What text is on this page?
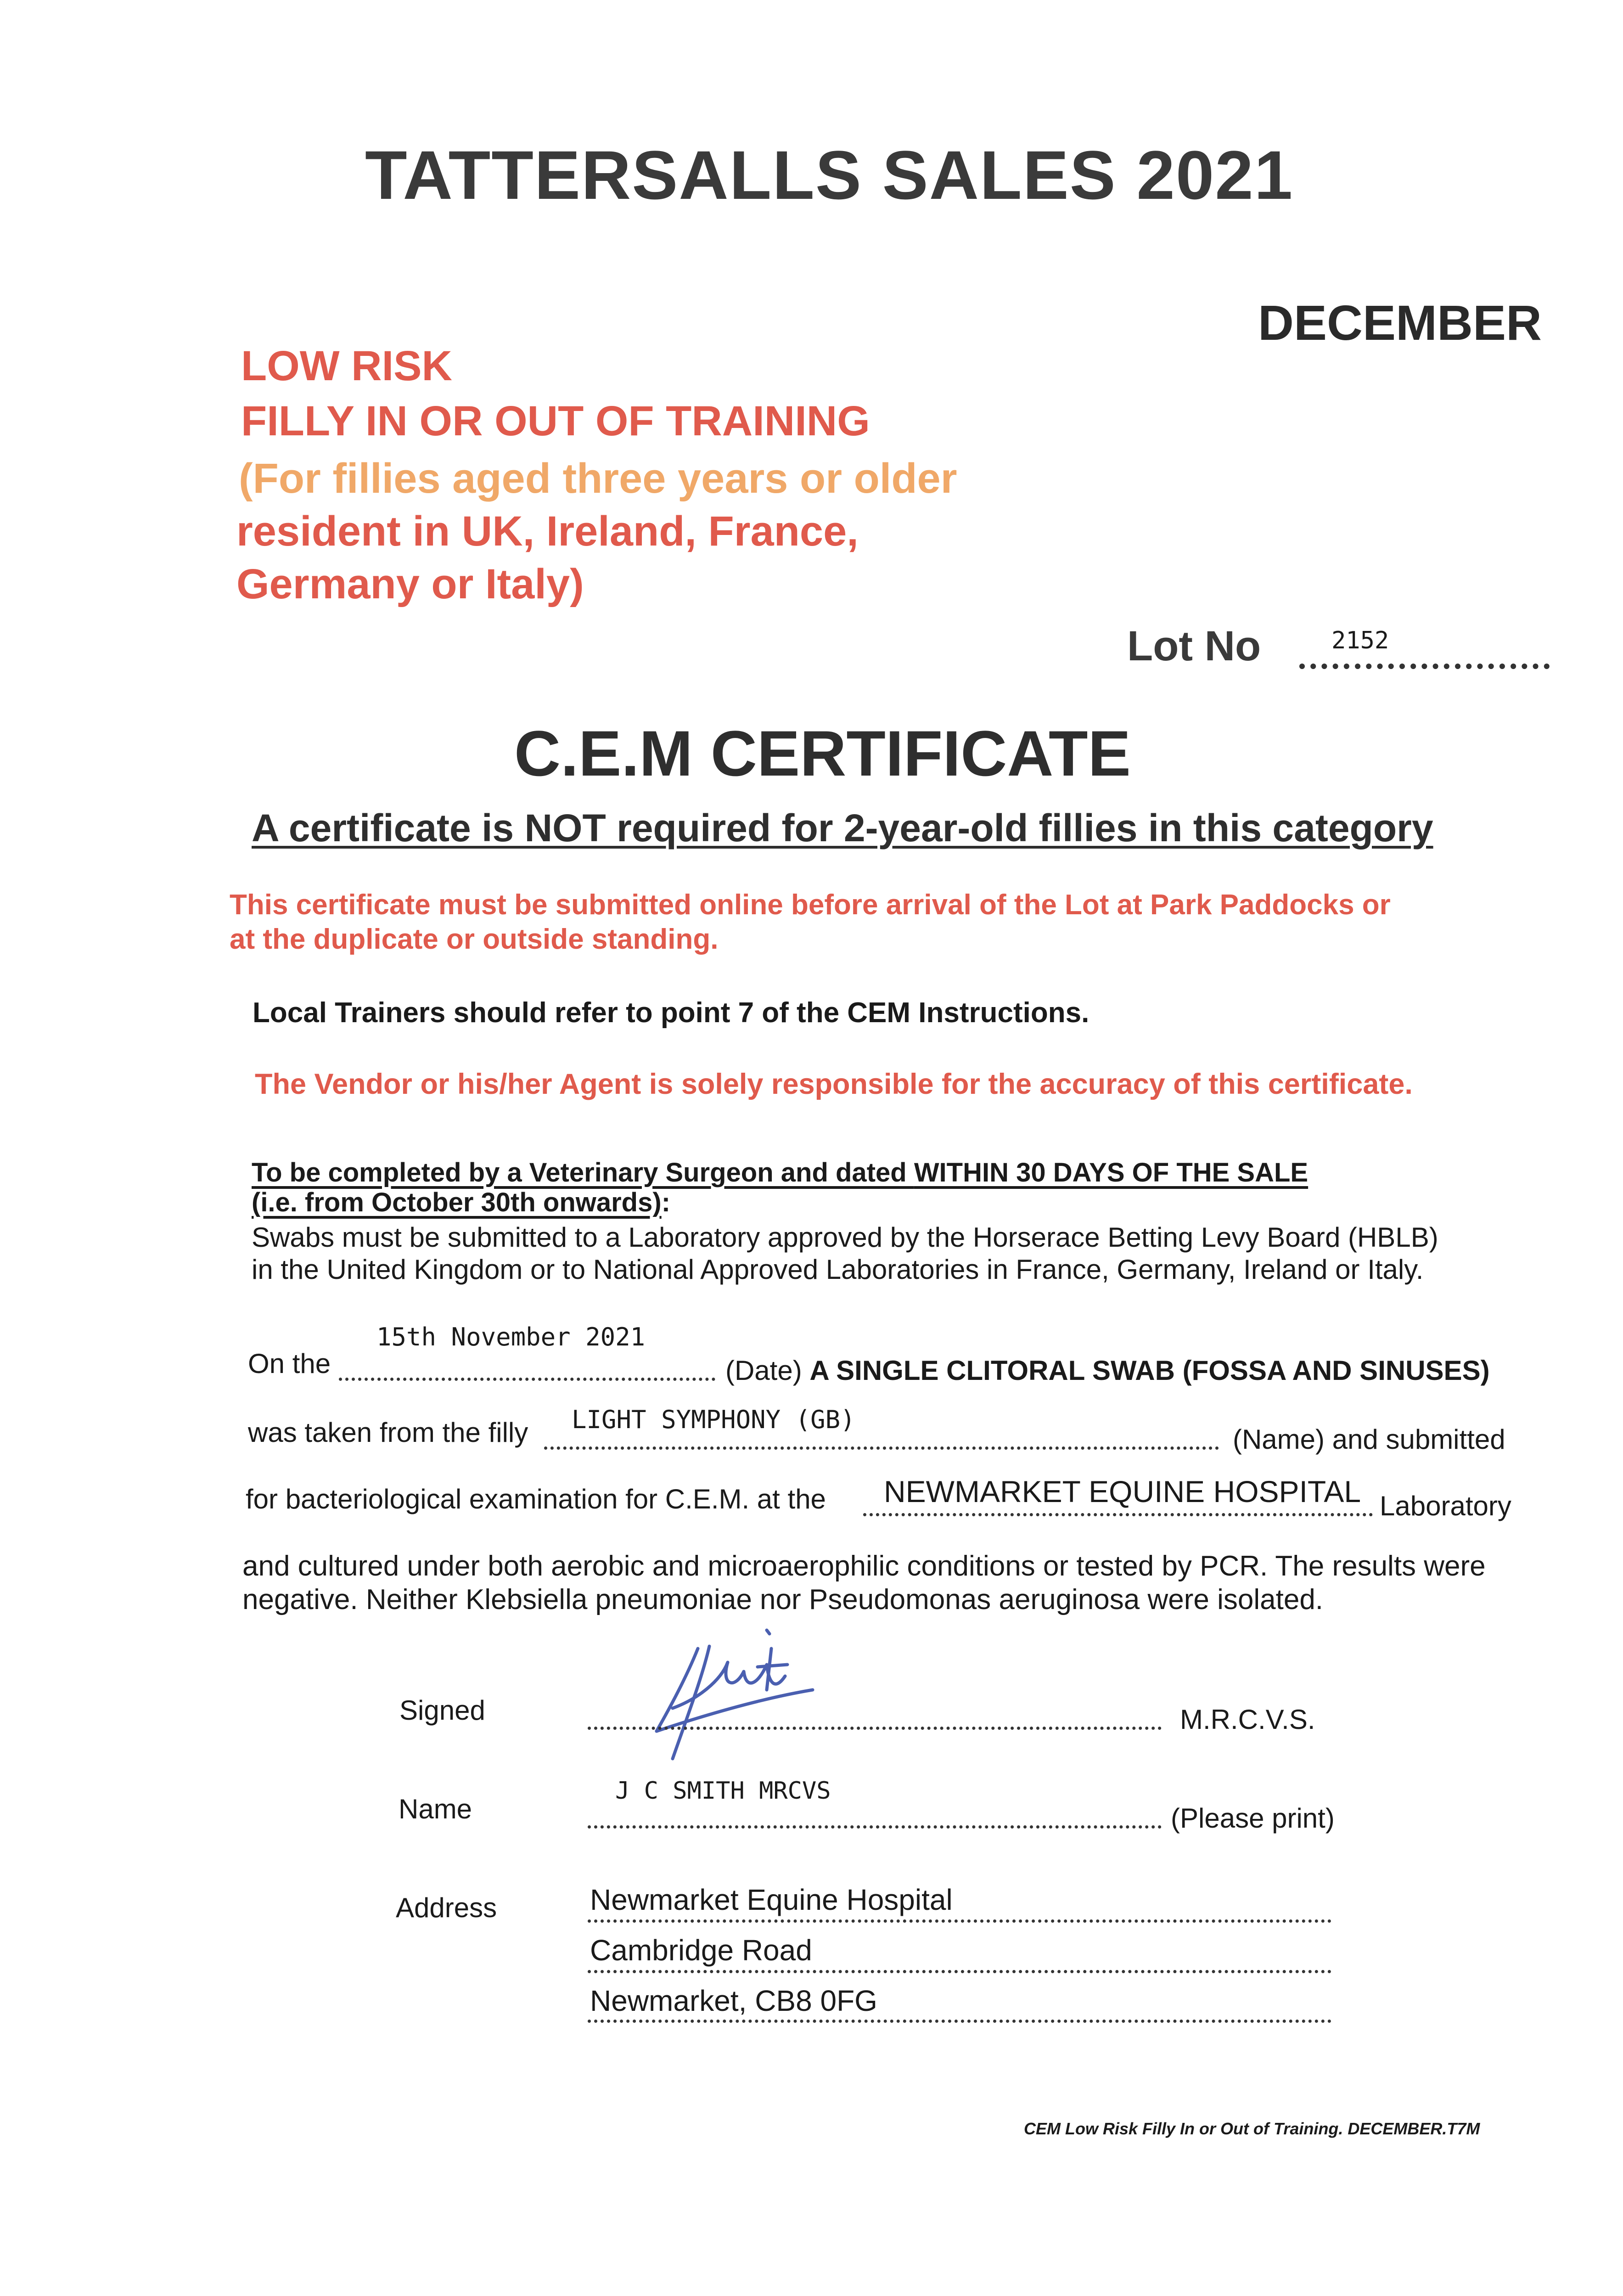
TATTERSALLS SALES 2021
DECEMBER
LOW RISK
FILLY IN OR OUT OF TRAINING
(For fillies aged three years or older
resident in UK, Ireland, France,
Germany or Italy)
Lot No	2152
C.E.M CERTIFICATE
A certificate is NOT required for 2-year-old fillies in this category
This certificate must be submitted online before arrival of the Lot at Park Paddocks or
at the duplicate or outside standing.
Local Trainers should refer to point 7 of the CEM Instructions.
The Vendor or his/her Agent is solely responsible for the accuracy of this certificate.
To be completed by a Veterinary Surgeon and dated WITHIN 30 DAYS OF THE SALE
(i.e. from October 30th onwards):
Swabs must be submitted to a Laboratory approved by the Horserace Betting Levy Board (HBLB)
in the United Kingdom or to National Approved Laboratories in France, Germany, Ireland or Italy.
15th November 2021
On the	(Date) A SINGLE CLITORAL SWAB (FOSSA AND SINUSES)
was taken from the filly LIGHT SYMPHONY (GB)
(Name) and submitted
for bacteriological examination for C.E.M. at the NEWMARKET EQUINE HOSPITAL Laboratory
and cultured under both aerobic and microaerophilic conditions or tested by PCR. The results were
negative. Neither Klebsiella pneumoniae nor Pseudomonas aeruginosa were isolated.
Signed	M.R.C.V.S.
Name
J C SMITH MRCVS
(Please print)
Address	Newmarket Equine Hospital
Cambridge Road
Newmarket, CB8 0FG
CEM Low Risk Filly In or Out of Training. DECEMBER.T7M
